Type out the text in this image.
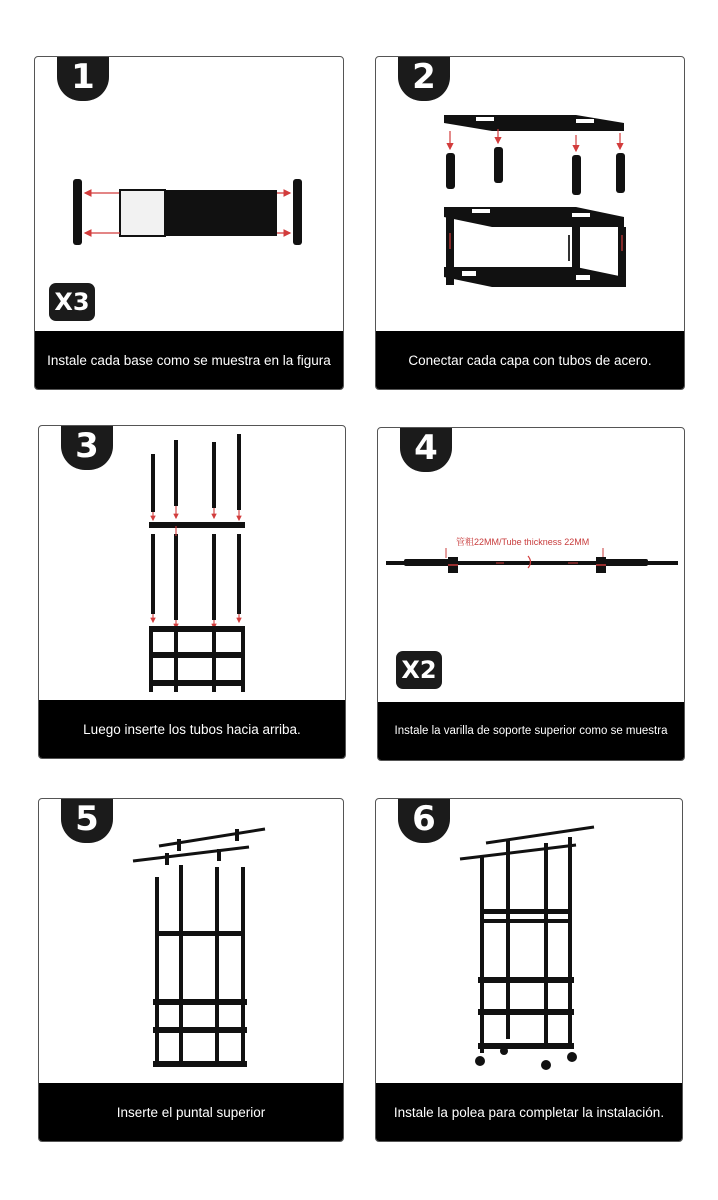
1
X3
Instale cada base como se muestra en la figura
2
Conectar cada capa con tubos de acero.
3
Luego inserte los tubos hacia arriba.
4
管粗22MM/Tube thickness 22MM
X2
Instale la varilla de soporte superior como se muestra
5
Inserte el puntal superior
6
Instale la polea para completar la instalación.
